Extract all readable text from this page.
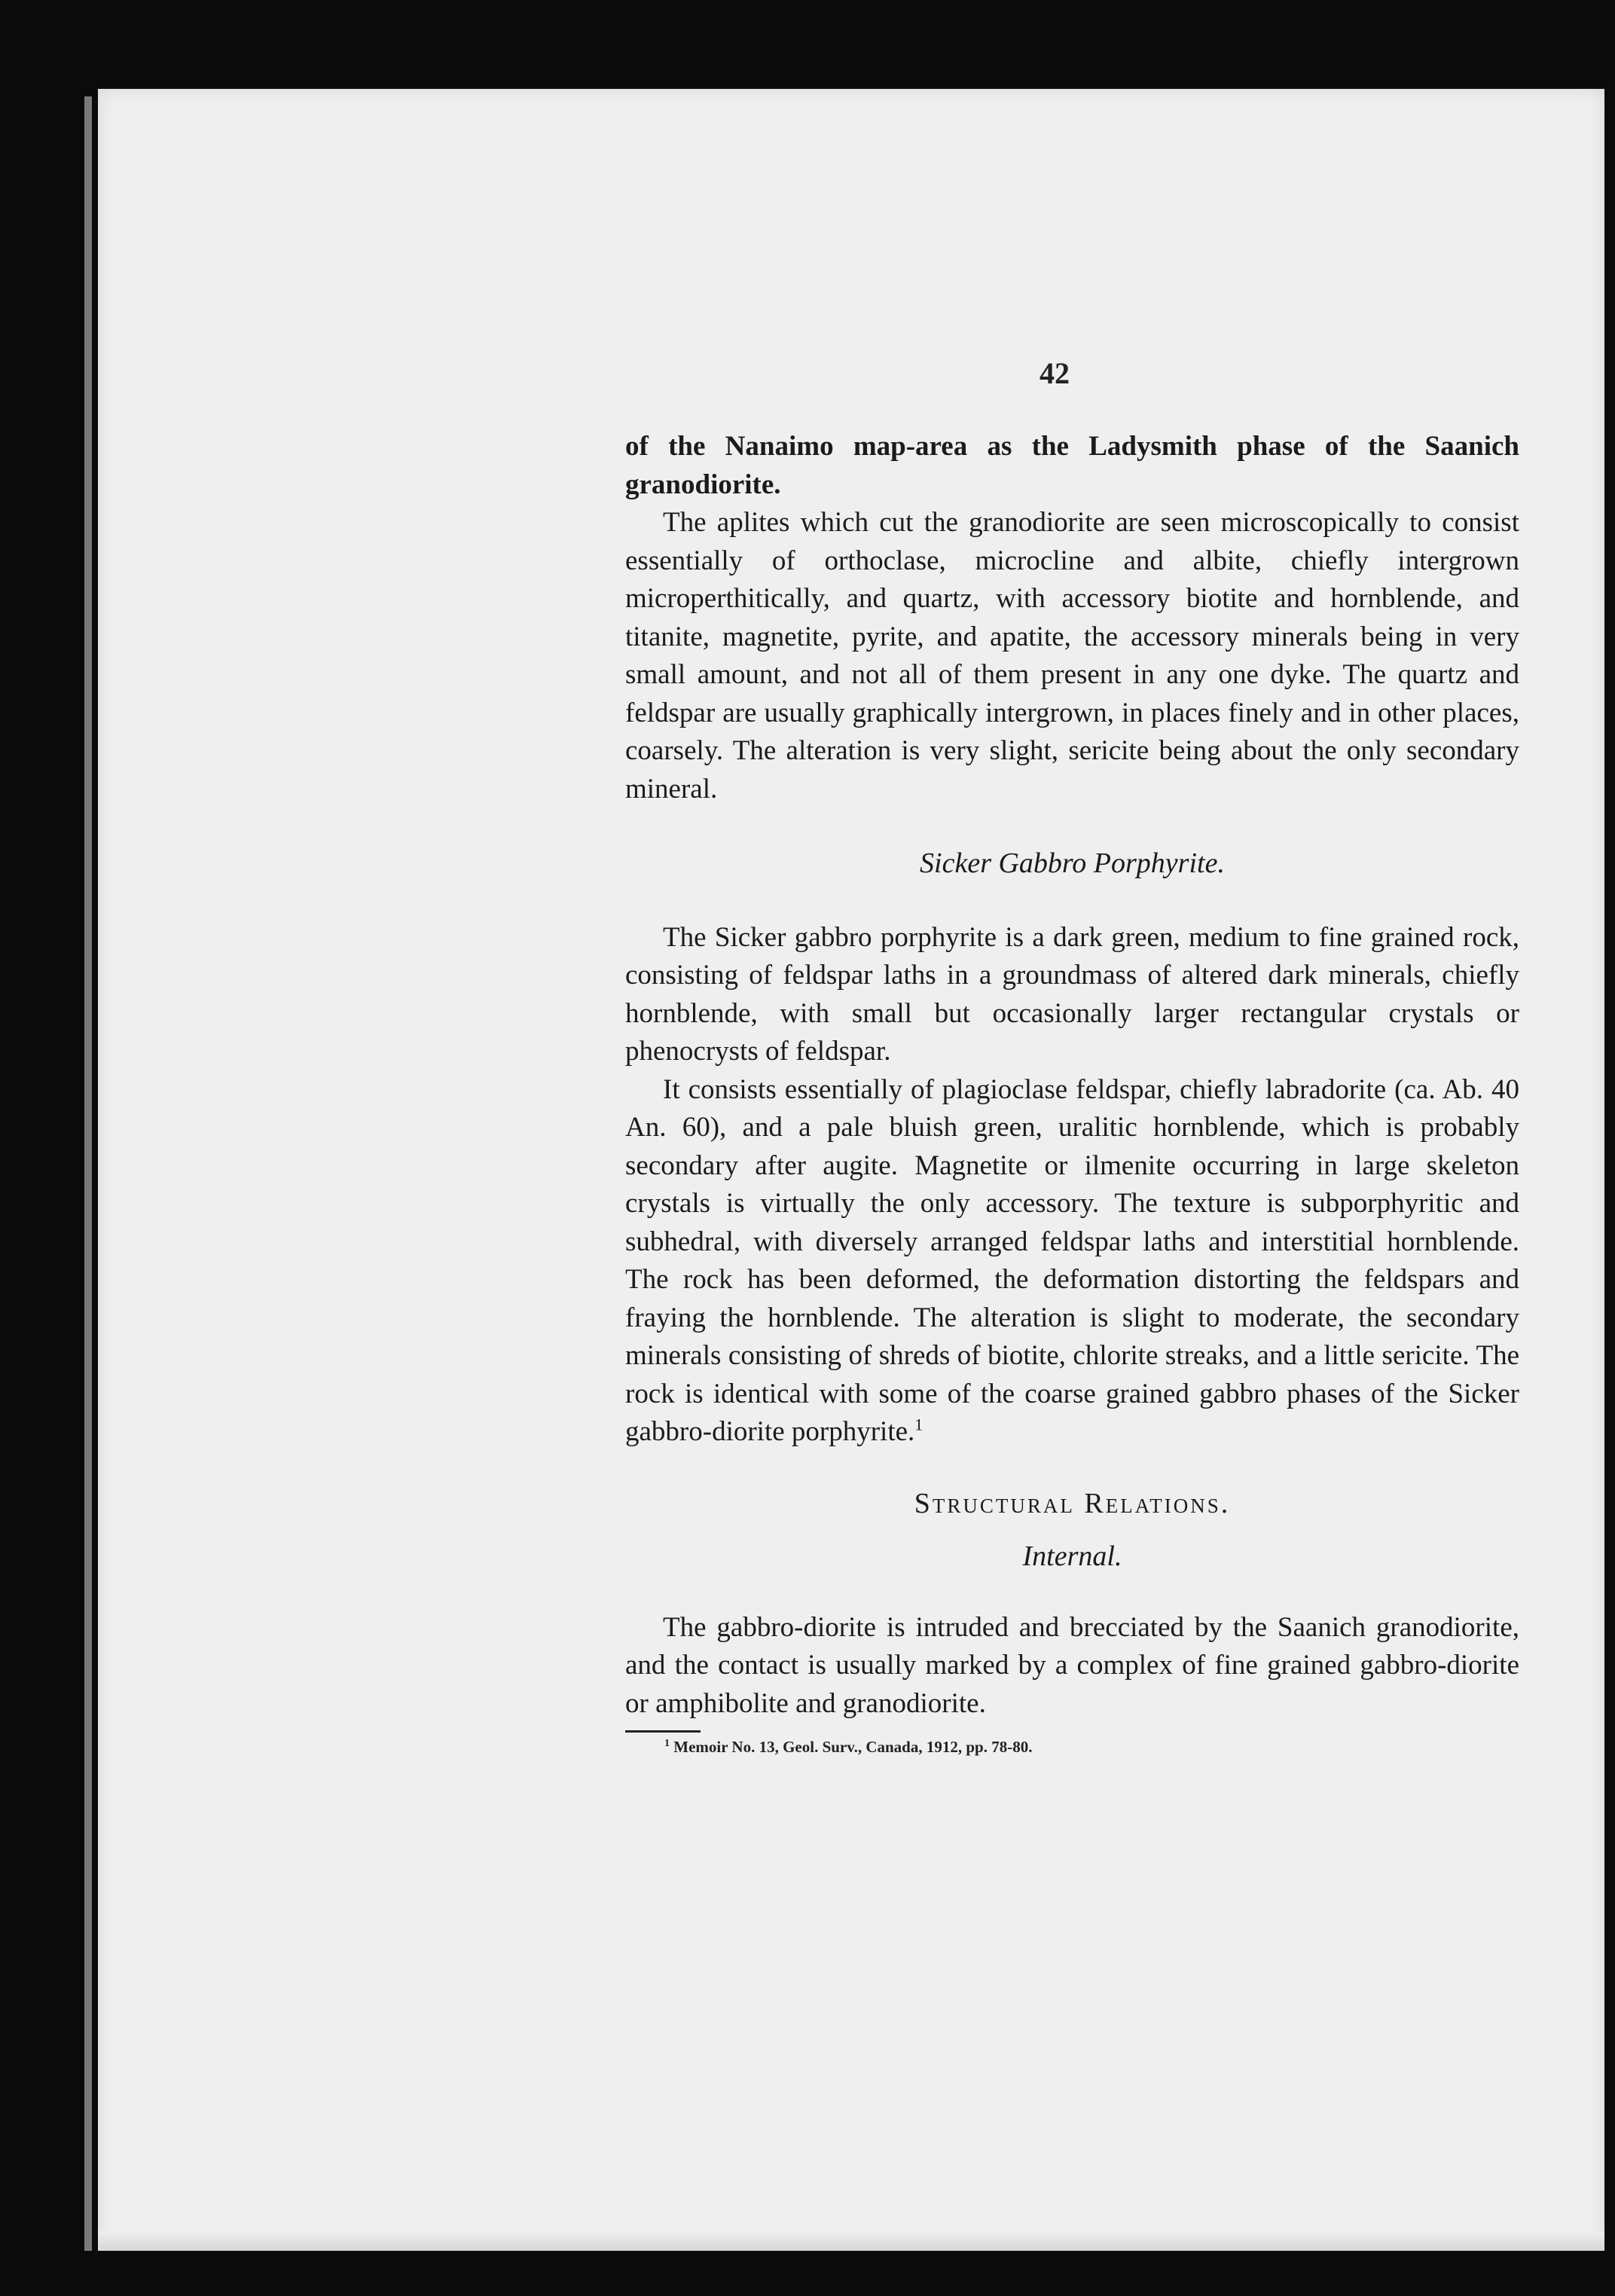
42

of the Nanaimo map-area as the Ladysmith phase of the Saanich granodiorite.

The aplites which cut the granodiorite are seen microscopically to consist essentially of orthoclase, microcline and albite, chiefly intergrown microperthitically, and quartz, with accessory biotite and hornblende, and titanite, magnetite, pyrite, and apatite, the accessory minerals being in very small amount, and not all of them present in any one dyke. The quartz and feldspar are usually graphically intergrown, in places finely and in other places, coarsely. The alteration is very slight, sericite being about the only secondary mineral.

Sicker Gabbro Porphyrite.

The Sicker gabbro porphyrite is a dark green, medium to fine grained rock, consisting of feldspar laths in a groundmass of altered dark minerals, chiefly hornblende, with small but occasionally larger rectangular crystals or phenocrysts of feldspar.

It consists essentially of plagioclase feldspar, chiefly labradorite (ca. Ab. 40 An. 60), and a pale bluish green, uralitic hornblende, which is probably secondary after augite. Magnetite or ilmenite occurring in large skeleton crystals is virtually the only accessory. The texture is subporphyritic and subhedral, with diversely arranged feldspar laths and interstitial hornblende. The rock has been deformed, the deformation distorting the feldspars and fraying the hornblende. The alteration is slight to moderate, the secondary minerals consisting of shreds of biotite, chlorite streaks, and a little sericite. The rock is identical with some of the coarse grained gabbro phases of the Sicker gabbro-diorite porphyrite.$^1$

Structural Relations.

Internal.

The gabbro-diorite is intruded and brecciated by the Saanich granodiorite, and the contact is usually marked by a complex of fine grained gabbro-diorite or amphibolite and granodiorite.

$^1$ Memoir No. 13, Geol. Surv., Canada, 1912, pp. 78-80.
